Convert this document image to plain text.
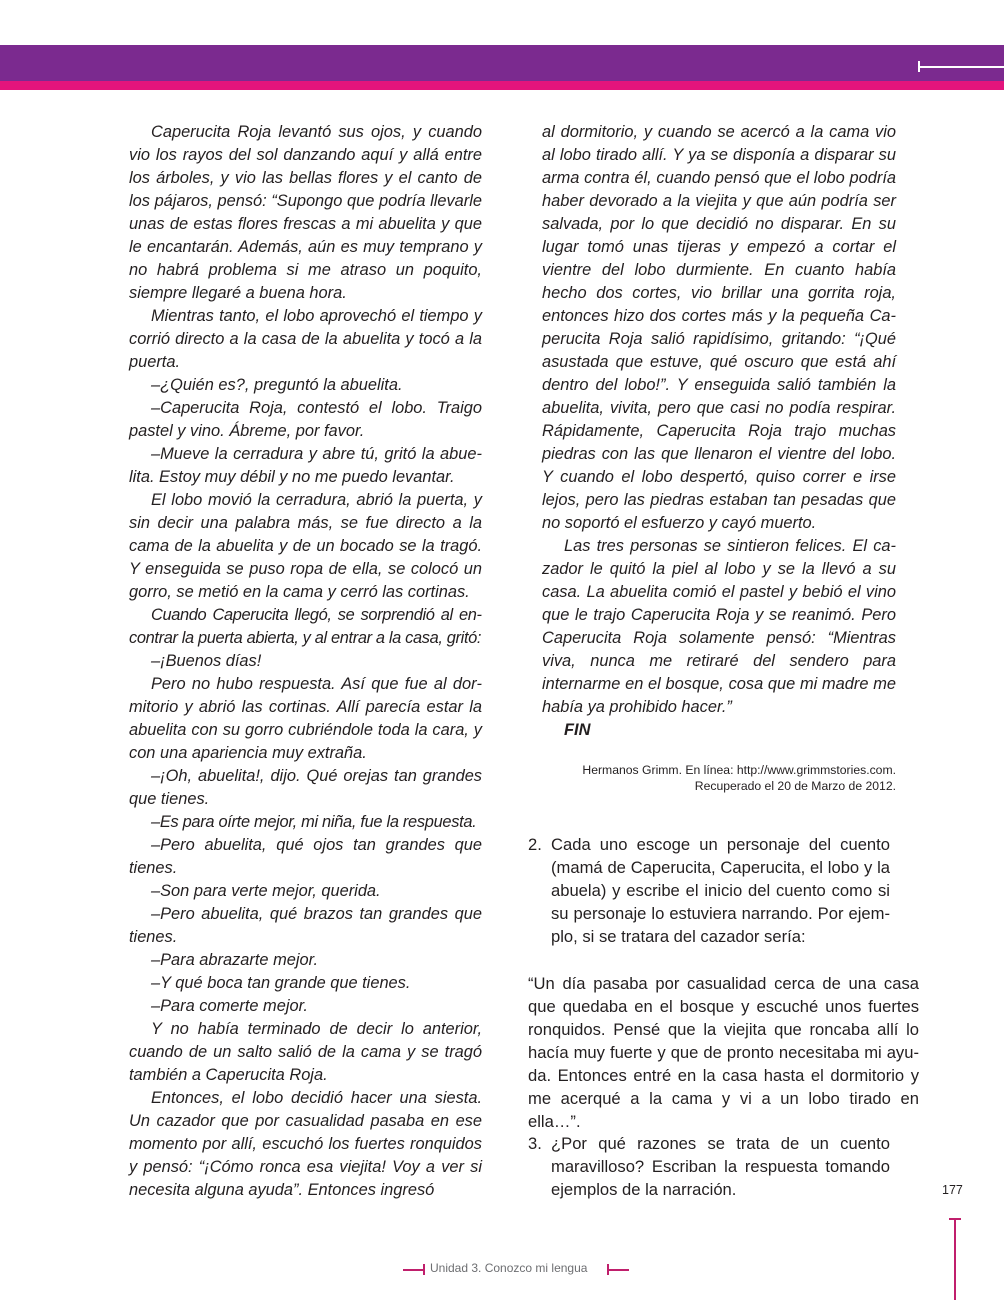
Caperucita Roja levantó sus ojos, y cuando vio los rayos del sol danzando aquí y allá entre los árboles, y vio las bellas flores y el canto de los pájaros, pensó: “Supongo que podría llevarle unas de estas flores frescas a mi abuelita y que le encantarán. Además, aún es muy temprano y no habrá problema si me atraso un poquito, siempre llegaré a buena hora.

Mientras tanto, el lobo aprovechó el tiempo y corrió directo a la casa de la abuelita y tocó a la puerta.

–¿Quién es?, preguntó la abuelita.

–Caperucita Roja, contestó el lobo. Traigo pastel y vino. Ábreme, por favor.

–Mueve la cerradura y abre tú, gritó la abuelita. Estoy muy débil y no me puedo levantar.

El lobo movió la cerradura, abrió la puerta, y sin decir una palabra más, se fue directo a la cama de la abuelita y de un bocado se la tragó. Y enseguida se puso ropa de ella, se colocó un gorro, se metió en la cama y cerró las cortinas.

Cuando Caperucita llegó, se sorprendió al encontrar la puerta abierta, y al entrar a la casa, gritó:

–¡Buenos días!

Pero no hubo respuesta. Así que fue al dormitorio y abrió las cortinas. Allí parecía estar la abuelita con su gorro cubriéndole toda la cara, y con una apariencia muy extraña.

–¡Oh, abuelita!, dijo. Qué orejas tan grandes que tienes.

–Es para oírte mejor, mi niña, fue la respuesta.

–Pero abuelita, qué ojos tan grandes que tienes.

–Son para verte mejor, querida.

–Pero abuelita, qué brazos tan grandes que tienes.

–Para abrazarte mejor.

–Y qué boca tan grande que tienes.

–Para comerte mejor.

Y no había terminado de decir lo anterior, cuando de un salto salió de la cama y se tragó también a Caperucita Roja.

Entonces, el lobo decidió hacer una siesta. Un cazador que por casualidad pasaba en ese momento por allí, escuchó los fuertes ronquidos y pensó: “¡Cómo ronca esa viejita! Voy a ver si necesita alguna ayuda”. Entonces ingresó

al dormitorio, y cuando se acercó a la cama vio al lobo tirado allí. Y ya se disponía a disparar su arma contra él, cuando pensó que el lobo podría haber devorado a la viejita y que aún podría ser salvada, por lo que decidió no disparar. En su lugar tomó unas tijeras y empezó a cortar el vientre del lobo durmiente. En cuanto había hecho dos cortes, vio brillar una gorrita roja, entonces hizo dos cortes más y la pequeña Caperucita Roja salió rapidísimo, gritando: “¡Qué asustada que estuve, qué oscuro que está ahí dentro del lobo!”. Y enseguida salió también la abuelita, vivita, pero que casi no podía respirar. Rápidamente, Caperucita Roja trajo muchas piedras con las que llenaron el vientre del lobo. Y cuando el lobo despertó, quiso correr e irse lejos, pero las piedras estaban tan pesadas que no soportó el esfuerzo y cayó muerto.

Las tres personas se sintieron felices. El cazador le quitó la piel al lobo y se la llevó a su casa. La abuelita comió el pastel y bebió el vino que le trajo Caperucita Roja y se reanimó. Pero Caperucita Roja solamente pensó: “Mientras viva, nunca me retiraré del sendero para internarme en el bosque, cosa que mi madre me había ya prohibido hacer.”

FIN

Hermanos Grimm. En línea: http://www.grimmstories.com.
Recuperado el 20 de Marzo de 2012.
2. Cada uno escoge un personaje del cuento (mamá de Caperucita, Caperucita, el lobo y la abuela) y escribe el inicio del cuento como si su personaje lo estuviera narrando. Por ejemplo, si se tratara del cazador sería:
“Un día pasaba por casualidad cerca de una casa que quedaba en el bosque y escuché unos fuertes ronquidos. Pensé que la viejita que roncaba allí lo hacía muy fuerte y que de pronto necesitaba mi ayuda. Entonces entré en la casa hasta el dormitorio y me acerqué a la cama y vi a un lobo tirado en ella…”.
3. ¿Por qué razones se trata de un cuento maravilloso? Escriban la respuesta tomando ejemplos de la narración.	177
Unidad 3. Conozco mi lengua
